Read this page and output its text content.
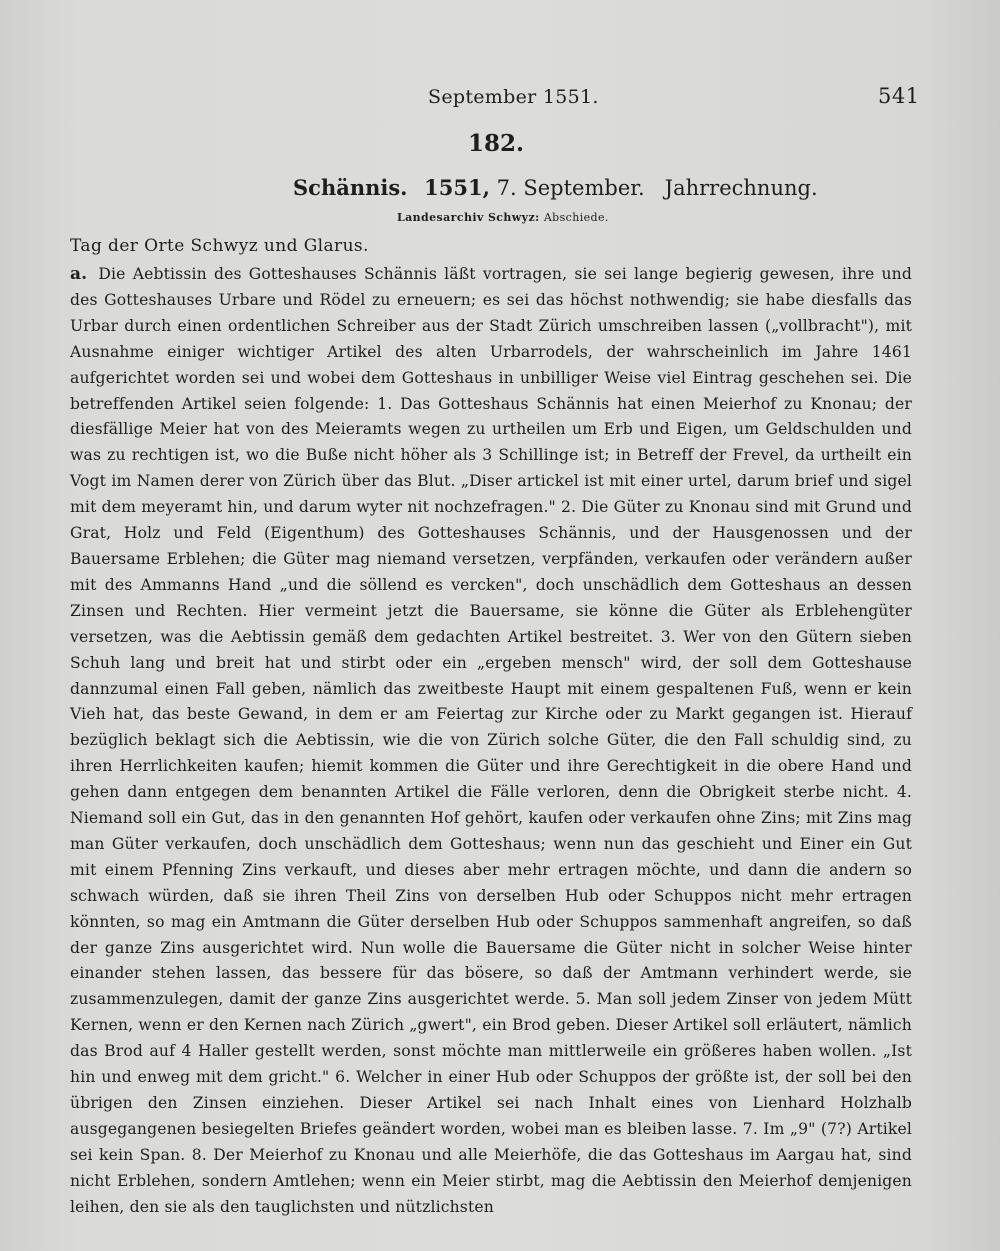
September 1551.	541
182.
Schännis. 1551, 7. September.   Jahrrechnung.
Landesarchiv Schwyz: Abschiede.
Tag der Orte Schwyz und Glarus.
a. Die Aebtissin des Gotteshauses Schännis läßt vortragen, sie sei lange begierig gewesen, ihre und des Gotteshauses Urbare und Rödel zu erneuern; es sei das höchst nothwendig; sie habe diesfalls das Urbar durch einen ordentlichen Schreiber aus der Stadt Zürich umschreiben lassen („vollbracht"), mit Ausnahme einiger wichtiger Artikel des alten Urbarrodels, der wahrscheinlich im Jahre 1461 aufgerichtet worden sei und wobei dem Gotteshaus in unbilliger Weise viel Eintrag geschehen sei. Die betreffenden Artikel seien folgende: 1. Das Gotteshaus Schännis hat einen Meierhof zu Knonau; der diesfällige Meier hat von des Meieramts wegen zu urtheilen um Erb und Eigen, um Geldschulden und was zu rechtigen ist, wo die Buße nicht höher als 3 Schillinge ist; in Betreff der Frevel, da urtheilt ein Vogt im Namen derer von Zürich über das Blut. „Diser artickel ist mit einer urtel, darum brief und sigel mit dem meyeramt hin, und darum wyter nit nochzefragen." 2. Die Güter zu Knonau sind mit Grund und Grat, Holz und Feld (Eigenthum) des Gotteshauses Schännis, und der Hausgenossen und der Bauersame Erblehen; die Güter mag niemand versetzen, verpfänden, verkaufen oder verändern außer mit des Ammanns Hand „und die söllend es vercken", doch unschädlich dem Gotteshaus an dessen Zinsen und Rechten. Hier vermeint jetzt die Bauersame, sie könne die Güter als Erblehengüter versetzen, was die Aebtissin gemäß dem gedachten Artikel bestreitet. 3. Wer von den Gütern sieben Schuh lang und breit hat und stirbt oder ein „ergeben mensch" wird, der soll dem Gotteshause dannzumal einen Fall geben, nämlich das zweitbeste Haupt mit einem gespaltenen Fuß, wenn er kein Vieh hat, das beste Gewand, in dem er am Feiertag zur Kirche oder zu Markt gegangen ist. Hierauf bezüglich beklagt sich die Aebtissin, wie die von Zürich solche Güter, die den Fall schuldig sind, zu ihren Herrlichkeiten kaufen; hiemit kommen die Güter und ihre Gerechtigkeit in die obere Hand und gehen dann entgegen dem benannten Artikel die Fälle verloren, denn die Obrigkeit sterbe nicht. 4. Niemand soll ein Gut, das in den genannten Hof gehört, kaufen oder verkaufen ohne Zins; mit Zins mag man Güter verkaufen, doch unschädlich dem Gotteshaus; wenn nun das geschieht und Einer ein Gut mit einem Pfenning Zins verkauft, und dieses aber mehr ertragen möchte, und dann die andern so schwach würden, daß sie ihren Theil Zins von derselben Hub oder Schuppos nicht mehr ertragen könnten, so mag ein Amtmann die Güter derselben Hub oder Schuppos sammenhaft angreifen, so daß der ganze Zins ausgerichtet wird. Nun wolle die Bauersame die Güter nicht in solcher Weise hinter einander stehen lassen, das bessere für das bösere, so daß der Amtmann verhindert werde, sie zusammenzulegen, damit der ganze Zins ausgerichtet werde. 5. Man soll jedem Zinser von jedem Mütt Kernen, wenn er den Kernen nach Zürich „gwert", ein Brod geben. Dieser Artikel soll erläutert, nämlich das Brod auf 4 Haller gestellt werden, sonst möchte man mittlerweile ein größeres haben wollen. „Ist hin und enweg mit dem gricht." 6. Welcher in einer Hub oder Schuppos der größte ist, der soll bei den übrigen den Zinsen einziehen. Dieser Artikel sei nach Inhalt eines von Lienhard Holzhalb ausgegangenen besiegelten Briefes geändert worden, wobei man es bleiben lasse. 7. Im „9" (7?) Artikel sei kein Span. 8. Der Meierhof zu Knonau und alle Meierhöfe, die das Gotteshaus im Aargau hat, sind nicht Erblehen, sondern Amtlehen; wenn ein Meier stirbt, mag die Aebtissin den Meierhof demjenigen leihen, den sie als den tauglichsten und nützlichsten
